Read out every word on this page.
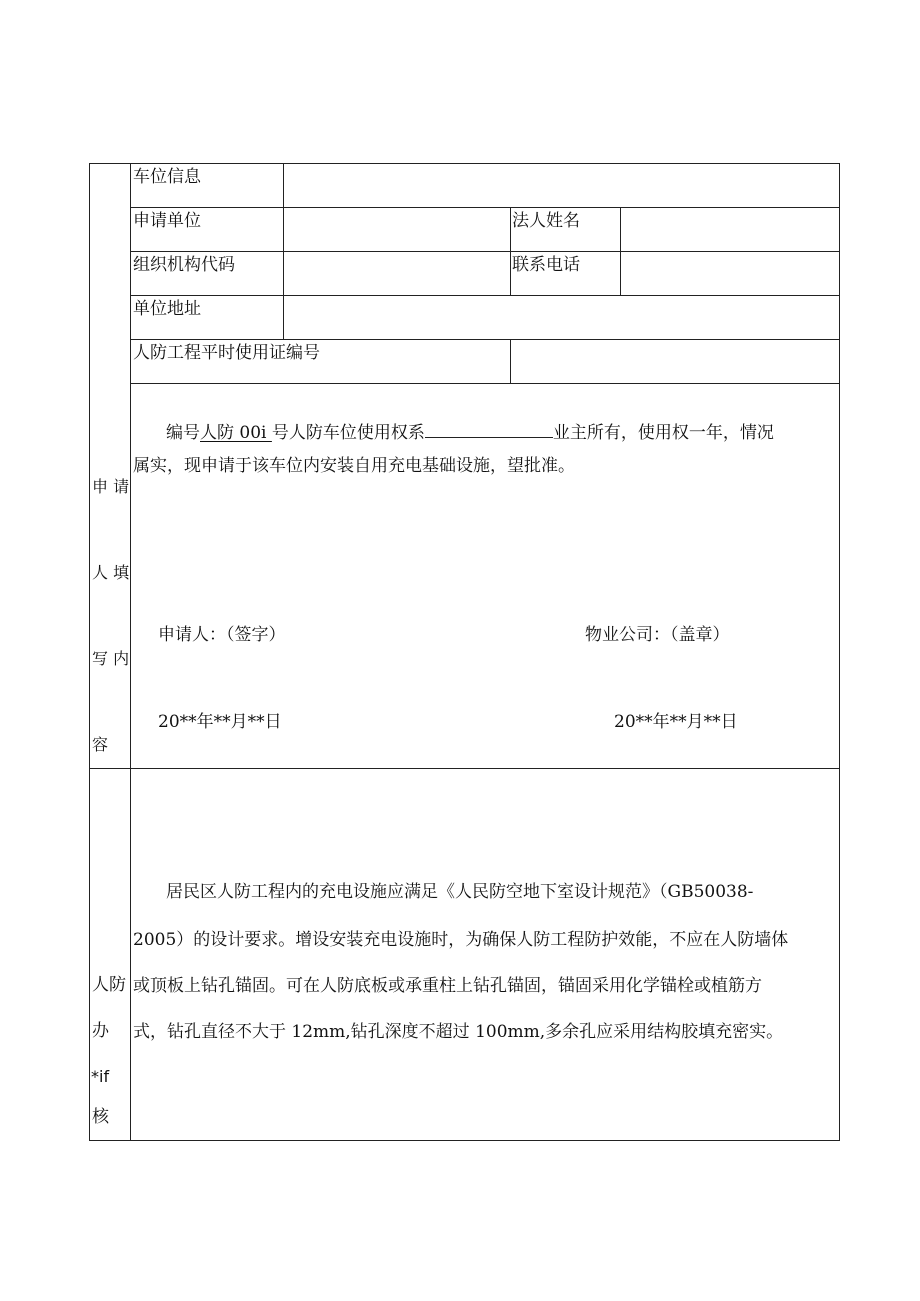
车位信息
申请单位	法人姓名
组织机构代码	联系电话
单位地址
人防工程平时使用证编号
申 请
人 填
写 内
容
编号人防 00i 号人防车位使用权系	业主所有，使用权一年，情况
属实，现申请于该车位内安装自用充电基础设施，望批准。
申请人：（签字）	物业公司：（盖章）
20**年**月**日	20**年**月**日
人防
办
*if
核
居民区人防工程内的充电设施应满足《人民防空地下室设计规范》（GB50038-
2005）的设计要求。增设安装充电设施时，为确保人防工程防护效能，不应在人防墙体
或顶板上钻孔锚固。可在人防底板或承重柱上钻孔锚固，锚固采用化学锚栓或植筋方
式，钻孔直径不大于 12mm,钻孔深度不超过 100mm,多余孔应采用结构胶填充密实。
